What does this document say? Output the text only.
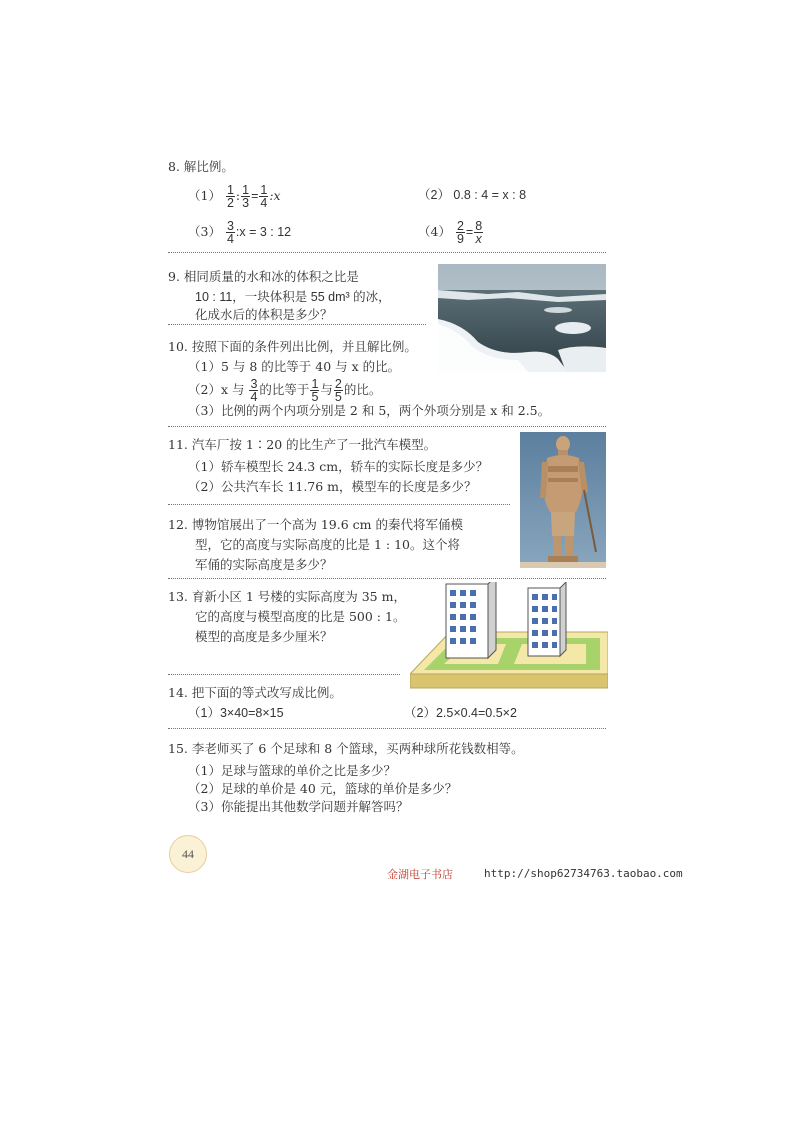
8. 解比例。
$(1) \frac{1}{2}$ : $\frac{1}{3} = \frac{1}{4}$ :x	（2） 0.8 : 4 = x : 8
$(3) \frac{3}{4}$ :x = 3 : 12	$(4) \frac{2}{9} = \frac{8}{x}$
9. 相同质量的水和冰的体积之比是
10 : 11，一块体积是 55 dm³ 的冰，
化成水后的体积是多少？
10. 按照下面的条件列出比例，并且解比例。
（1）5 与 8 的比等于 40 与 x 的比。
（2）x 与 $\frac{3}{4}$ 的比等于 $\frac{1}{5}$ 与 $\frac{2}{5}$ 的比。
（3）比例的两个内项分别是 2 和 5，两个外项分别是 x 和 2.5。
11. 汽车厂按 1∶20 的比生产了一批汽车模型。
（1）轿车模型长 24.3 cm，轿车的实际长度是多少？
（2）公共汽车长 11.76 m，模型车的长度是多少？
12. 博物馆展出了一个高为 19.6 cm 的秦代将军俑模
型，它的高度与实际高度的比是 1 : 10。这个将
军俑的实际高度是多少？
13. 育新小区 1 号楼的实际高度为 35 m，
它的高度与模型高度的比是 500 : 1。
模型的高度是多少厘米？
14. 把下面的等式改写成比例。
（1）3×40=8×15	（2）2.5×0.4=0.5×2
15. 李老师买了 6 个足球和 8 个篮球，买两种球所花钱数相等。
（1）足球与篮球的单价之比是多少？
（2）足球的单价是 40 元，篮球的单价是多少？
（3）你能提出其他数学问题并解答吗？
44
金湖电子书店	http://shop62734763.taobao.com
